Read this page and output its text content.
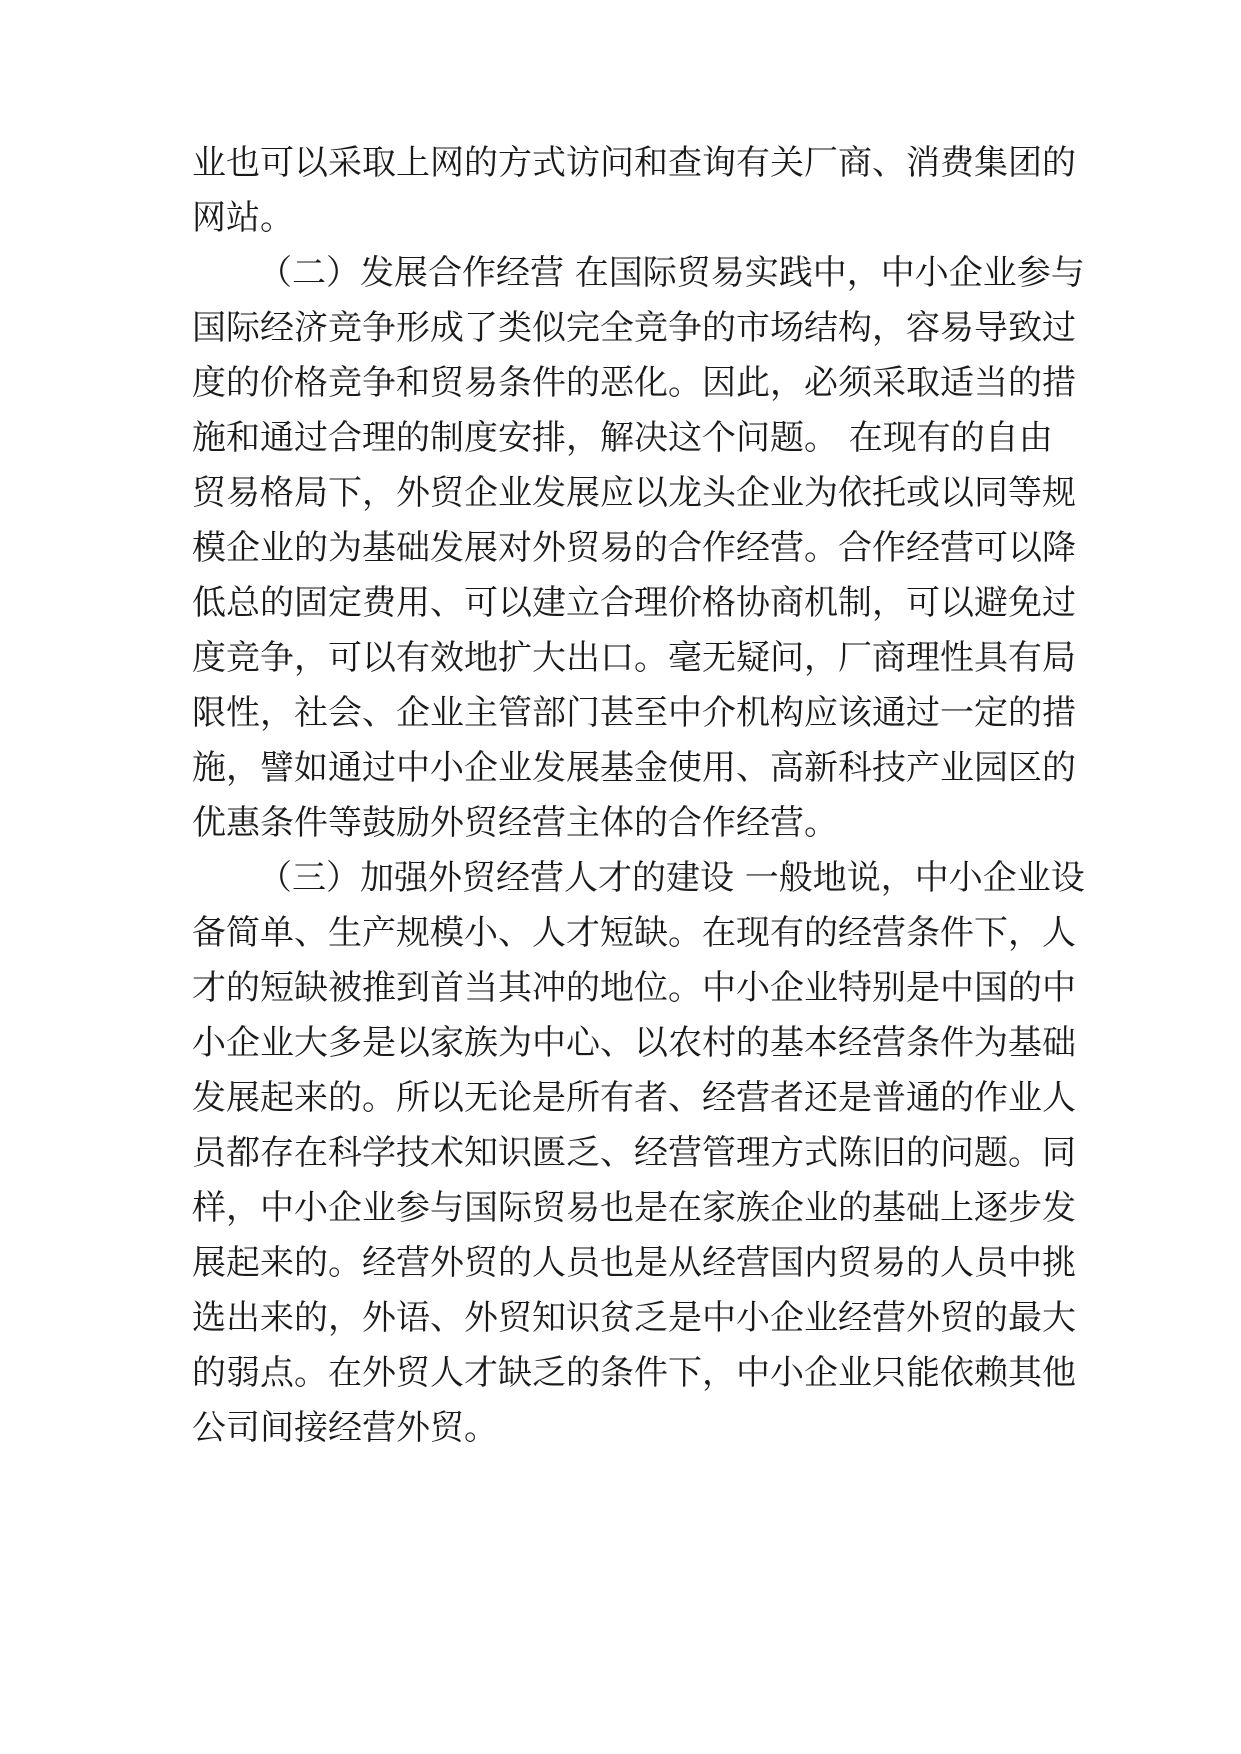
业也可以采取上网的方式访问和查询有关厂商、消费集团的
网站。
（二）发展合作经营 在国际贸易实践中，中小企业参与
国际经济竞争形成了类似完全竞争的市场结构，容易导致过
度的价格竞争和贸易条件的恶化。因此，必须采取适当的措
施和通过合理的制度安排，解决这个问题。 在现有的自由
贸易格局下，外贸企业发展应以龙头企业为依托或以同等规
模企业的为基础发展对外贸易的合作经营。合作经营可以降
低总的固定费用、可以建立合理价格协商机制，可以避免过
度竞争，可以有效地扩大出口。毫无疑问，厂商理性具有局
限性，社会、企业主管部门甚至中介机构应该通过一定的措
施，譬如通过中小企业发展基金使用、高新科技产业园区的
优惠条件等鼓励外贸经营主体的合作经营。
（三）加强外贸经营人才的建设 一般地说，中小企业设
备简单、生产规模小、人才短缺。在现有的经营条件下，人
才的短缺被推到首当其冲的地位。中小企业特别是中国的中
小企业大多是以家族为中心、以农村的基本经营条件为基础
发展起来的。所以无论是所有者、经营者还是普通的作业人
员都存在科学技术知识匮乏、经营管理方式陈旧的问题。同
样，中小企业参与国际贸易也是在家族企业的基础上逐步发
展起来的。经营外贸的人员也是从经营国内贸易的人员中挑
选出来的，外语、外贸知识贫乏是中小企业经营外贸的最大
的弱点。在外贸人才缺乏的条件下，中小企业只能依赖其他
公司间接经营外贸。
